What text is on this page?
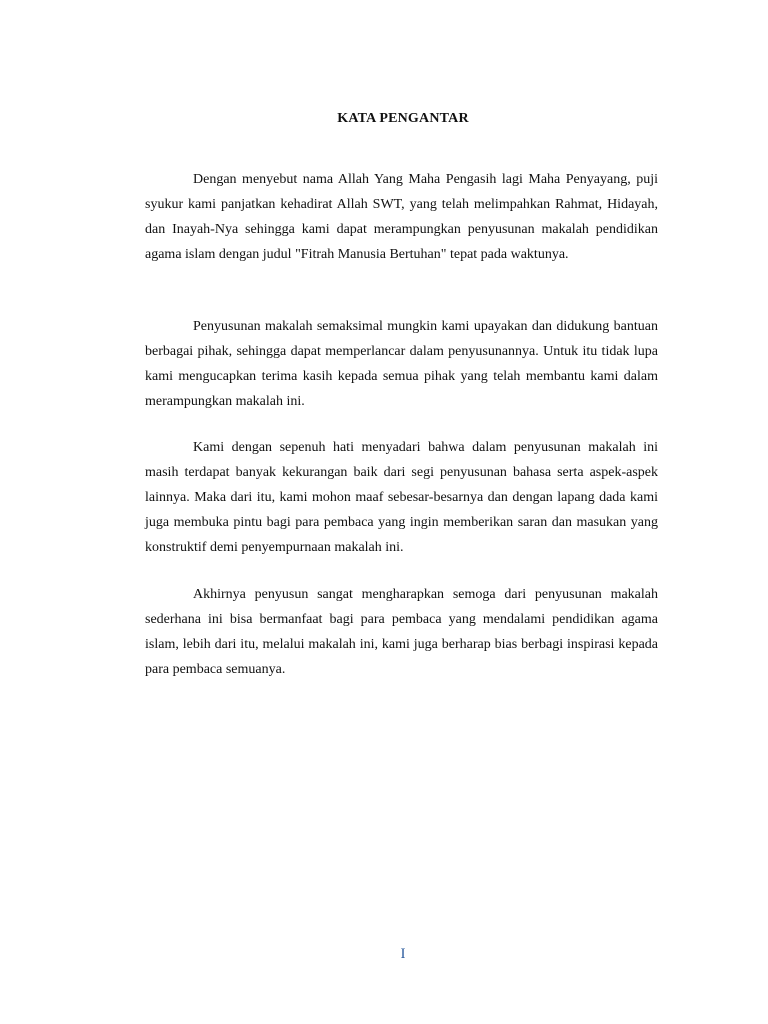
KATA PENGANTAR

Dengan menyebut nama Allah Yang Maha Pengasih lagi Maha Penyayang, puji syukur kami panjatkan kehadirat Allah SWT, yang telah melimpahkan Rahmat, Hidayah, dan Inayah-Nya sehingga kami dapat merampungkan penyusunan makalah pendidikan agama islam dengan judul "Fitrah Manusia Bertuhan" tepat pada waktunya.

Penyusunan makalah semaksimal mungkin kami upayakan dan didukung bantuan berbagai pihak, sehingga dapat memperlancar dalam penyusunannya. Untuk itu tidak lupa kami mengucapkan terima kasih kepada semua pihak yang telah membantu kami dalam merampungkan makalah ini.

Kami dengan sepenuh hati menyadari bahwa dalam penyusunan makalah ini masih terdapat banyak kekurangan baik dari segi penyusunan bahasa serta aspek-aspek lainnya. Maka dari itu, kami mohon maaf sebesar-besarnya dan dengan lapang dada kami juga membuka pintu bagi para pembaca yang ingin memberikan saran dan masukan yang konstruktif demi penyempurnaan makalah ini.

Akhirnya penyusun sangat mengharapkan semoga dari penyusunan makalah sederhana ini bisa bermanfaat bagi para pembaca yang mendalami pendidikan agama islam, lebih dari itu, melalui makalah ini, kami juga berharap bias berbagi inspirasi kepada para pembaca semuanya.

I
